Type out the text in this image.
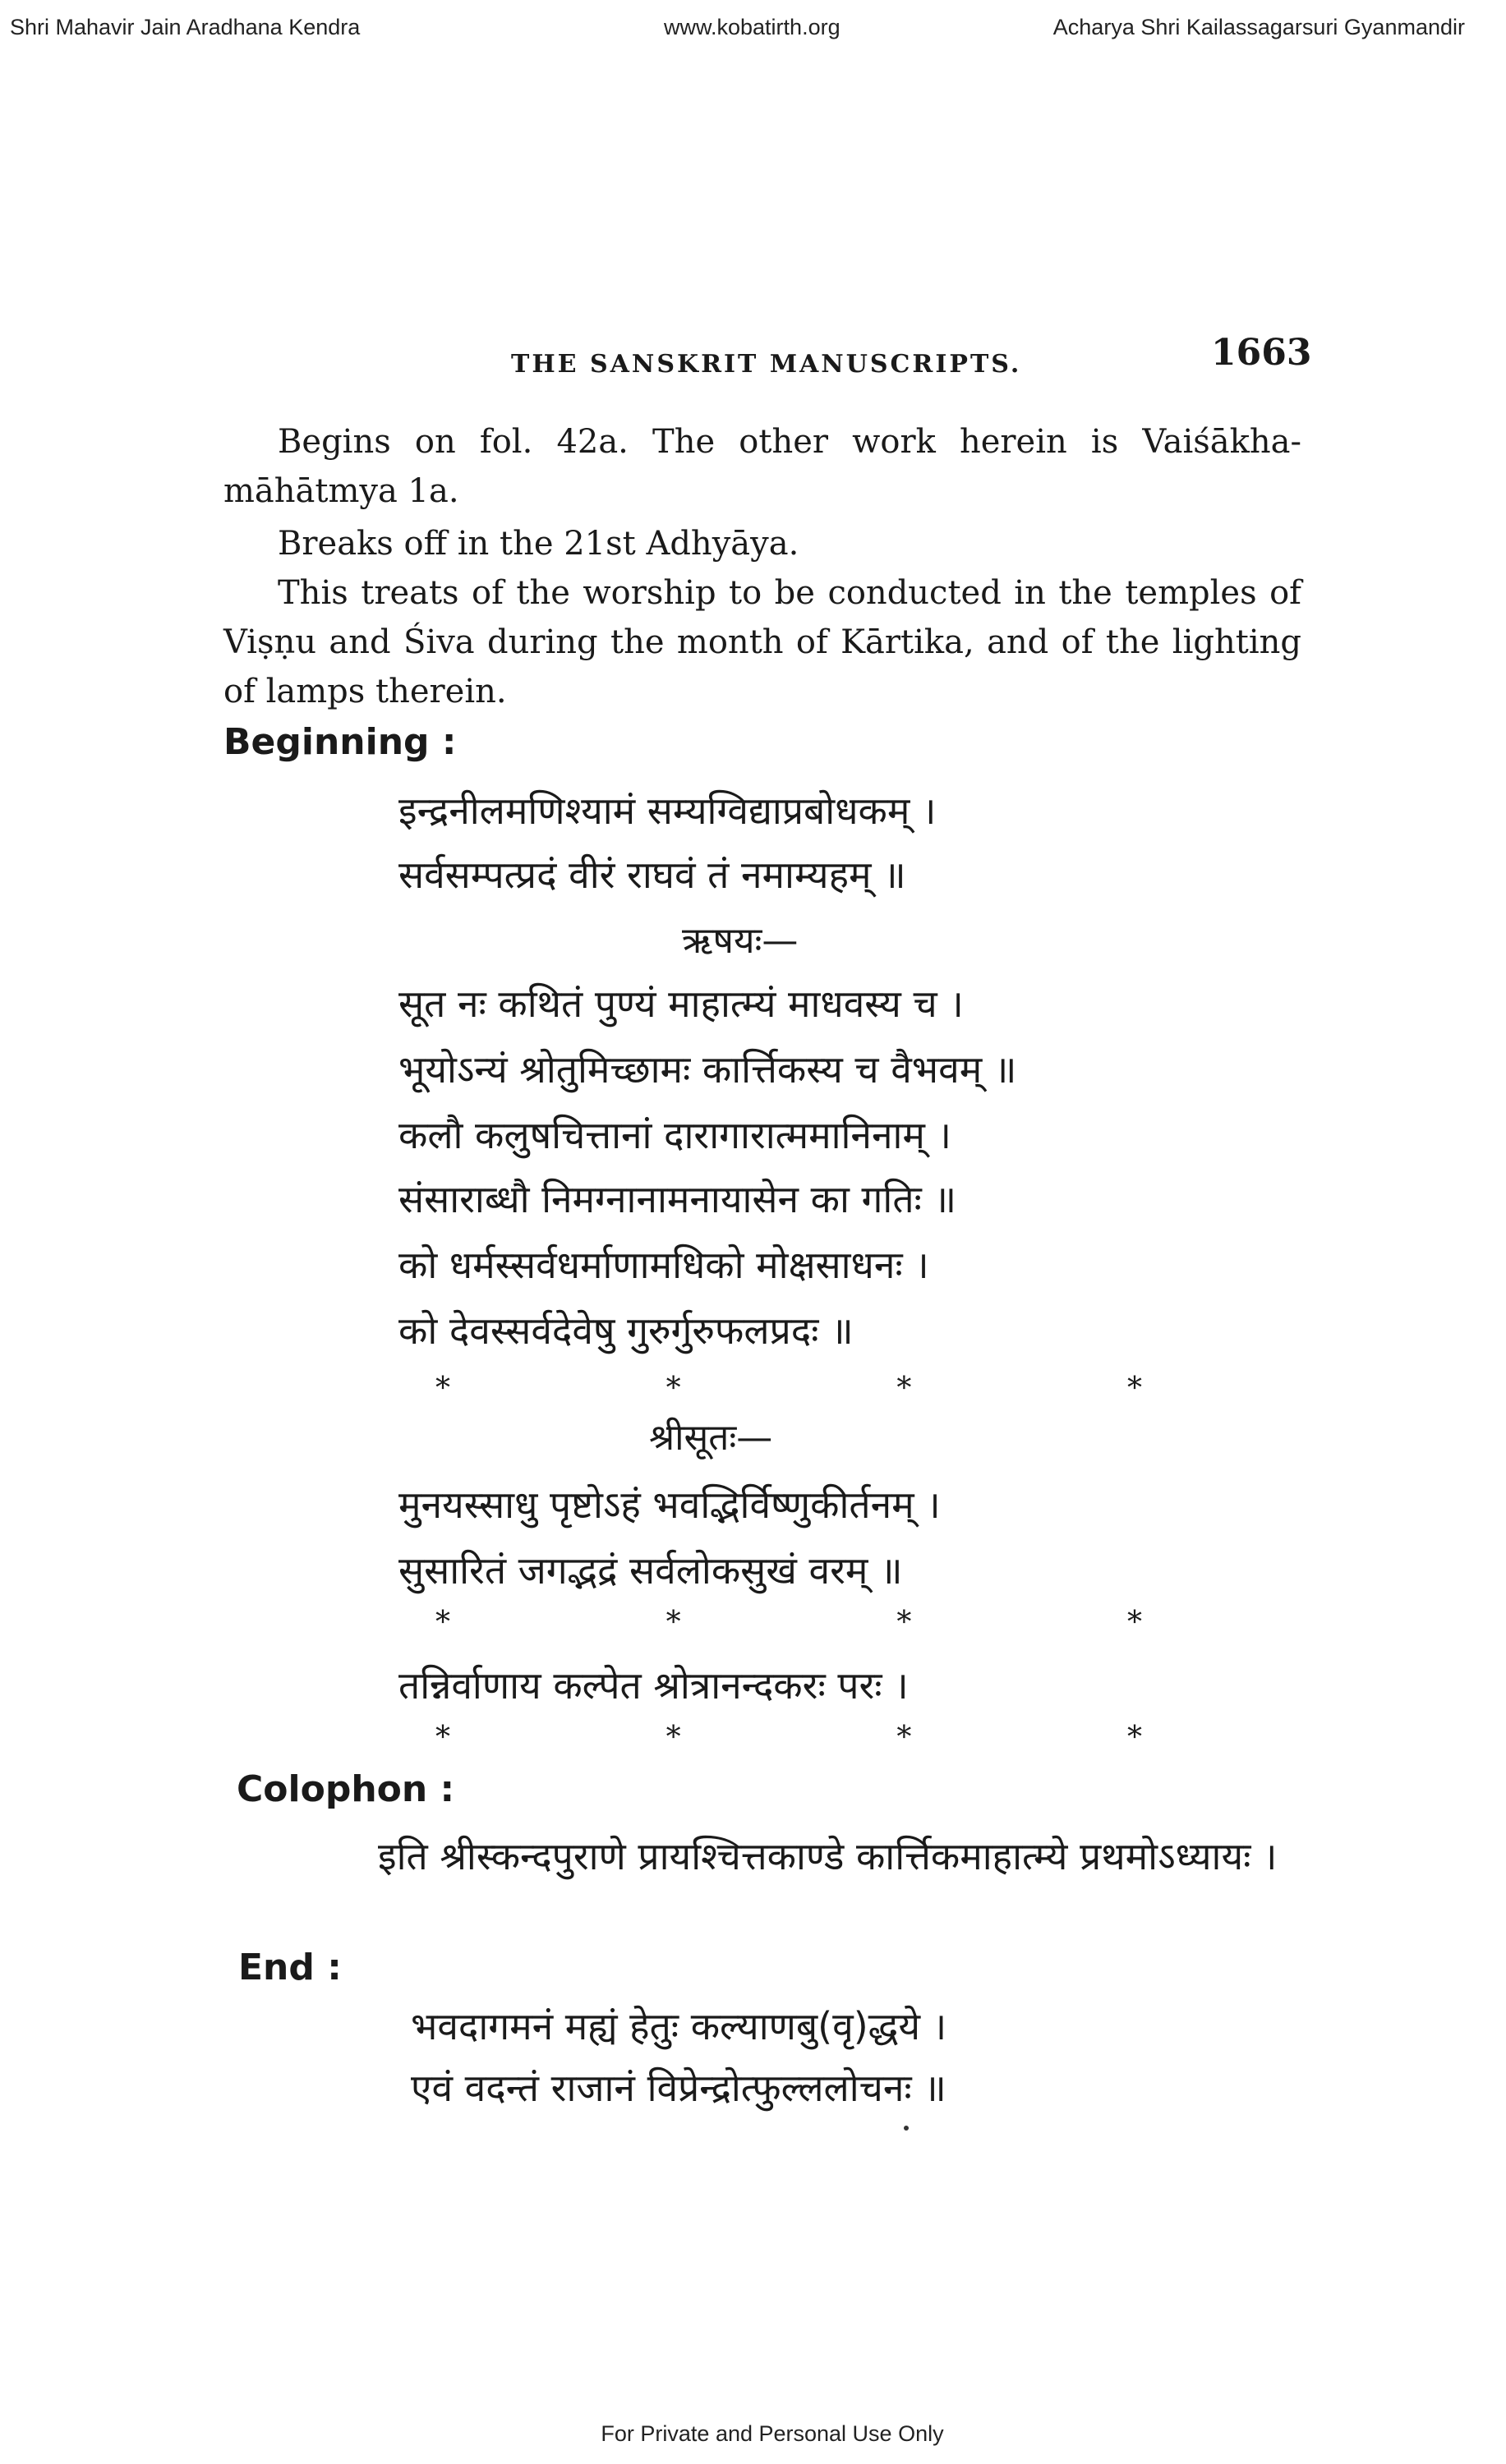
Shri Mahavir Jain Aradhana Kendra	www.kobatirth.org	Acharya Shri Kailassagarsuri Gyanmandir
THE SANSKRIT MANUSCRIPTS.	1663
Begins on fol. 42a. The other work herein is Vaiśākha-māhātmya 1a.
Breaks off in the 21st Adhyāya.
This treats of the worship to be conducted in the temples of Viṣṇu and Śiva during the month of Kārtika, and of the lighting of lamps therein.
Beginning :
इन्द्रनीलमणिश्यामं सम्यग्विद्याप्रबोधकम् ।
सर्वसम्पत्प्रदं वीरं राघवं तं नमाम्यहम् ॥
ऋषयः—
सूत नः कथितं पुण्यं माहात्म्यं माधवस्य च ।
भूयोऽन्यं श्रोतुमिच्छामः कार्त्तिकस्य च वैभवम् ॥
कलौ कलुषचित्तानां दारागारात्ममानिनाम् ।
संसाराब्धौ निमग्नानामनायासेन का गतिः ॥
को धर्मस्सर्वधर्माणामधिको मोक्षसाधनः ।
को देवस्सर्वदेवेषु गुरुर्गुरुफलप्रदः ॥
*	*	*	*
श्रीसूतः—
मुनयस्साधु पृष्टोऽहं भवद्भिर्विष्णुकीर्तनम् ।
सुसारितं जगद्भद्रं सर्वलोकसुखं वरम् ॥
*	*	*	*
तन्निर्वाणाय कल्पेत श्रोत्रानन्दकरः परः ।
*	*	*	*
Colophon :
इति श्रीस्कन्दपुराणे प्रायश्चित्तकाण्डे कार्त्तिकमाहात्म्ये प्रथमोऽध्यायः ।
End :
भवदागमनं मह्यं हेतुः कल्याणबु(वृ)द्धये ।
एवं वदन्तं राजानं विप्रेन्द्रोत्फुल्ललोचनः ॥
For Private and Personal Use Only
